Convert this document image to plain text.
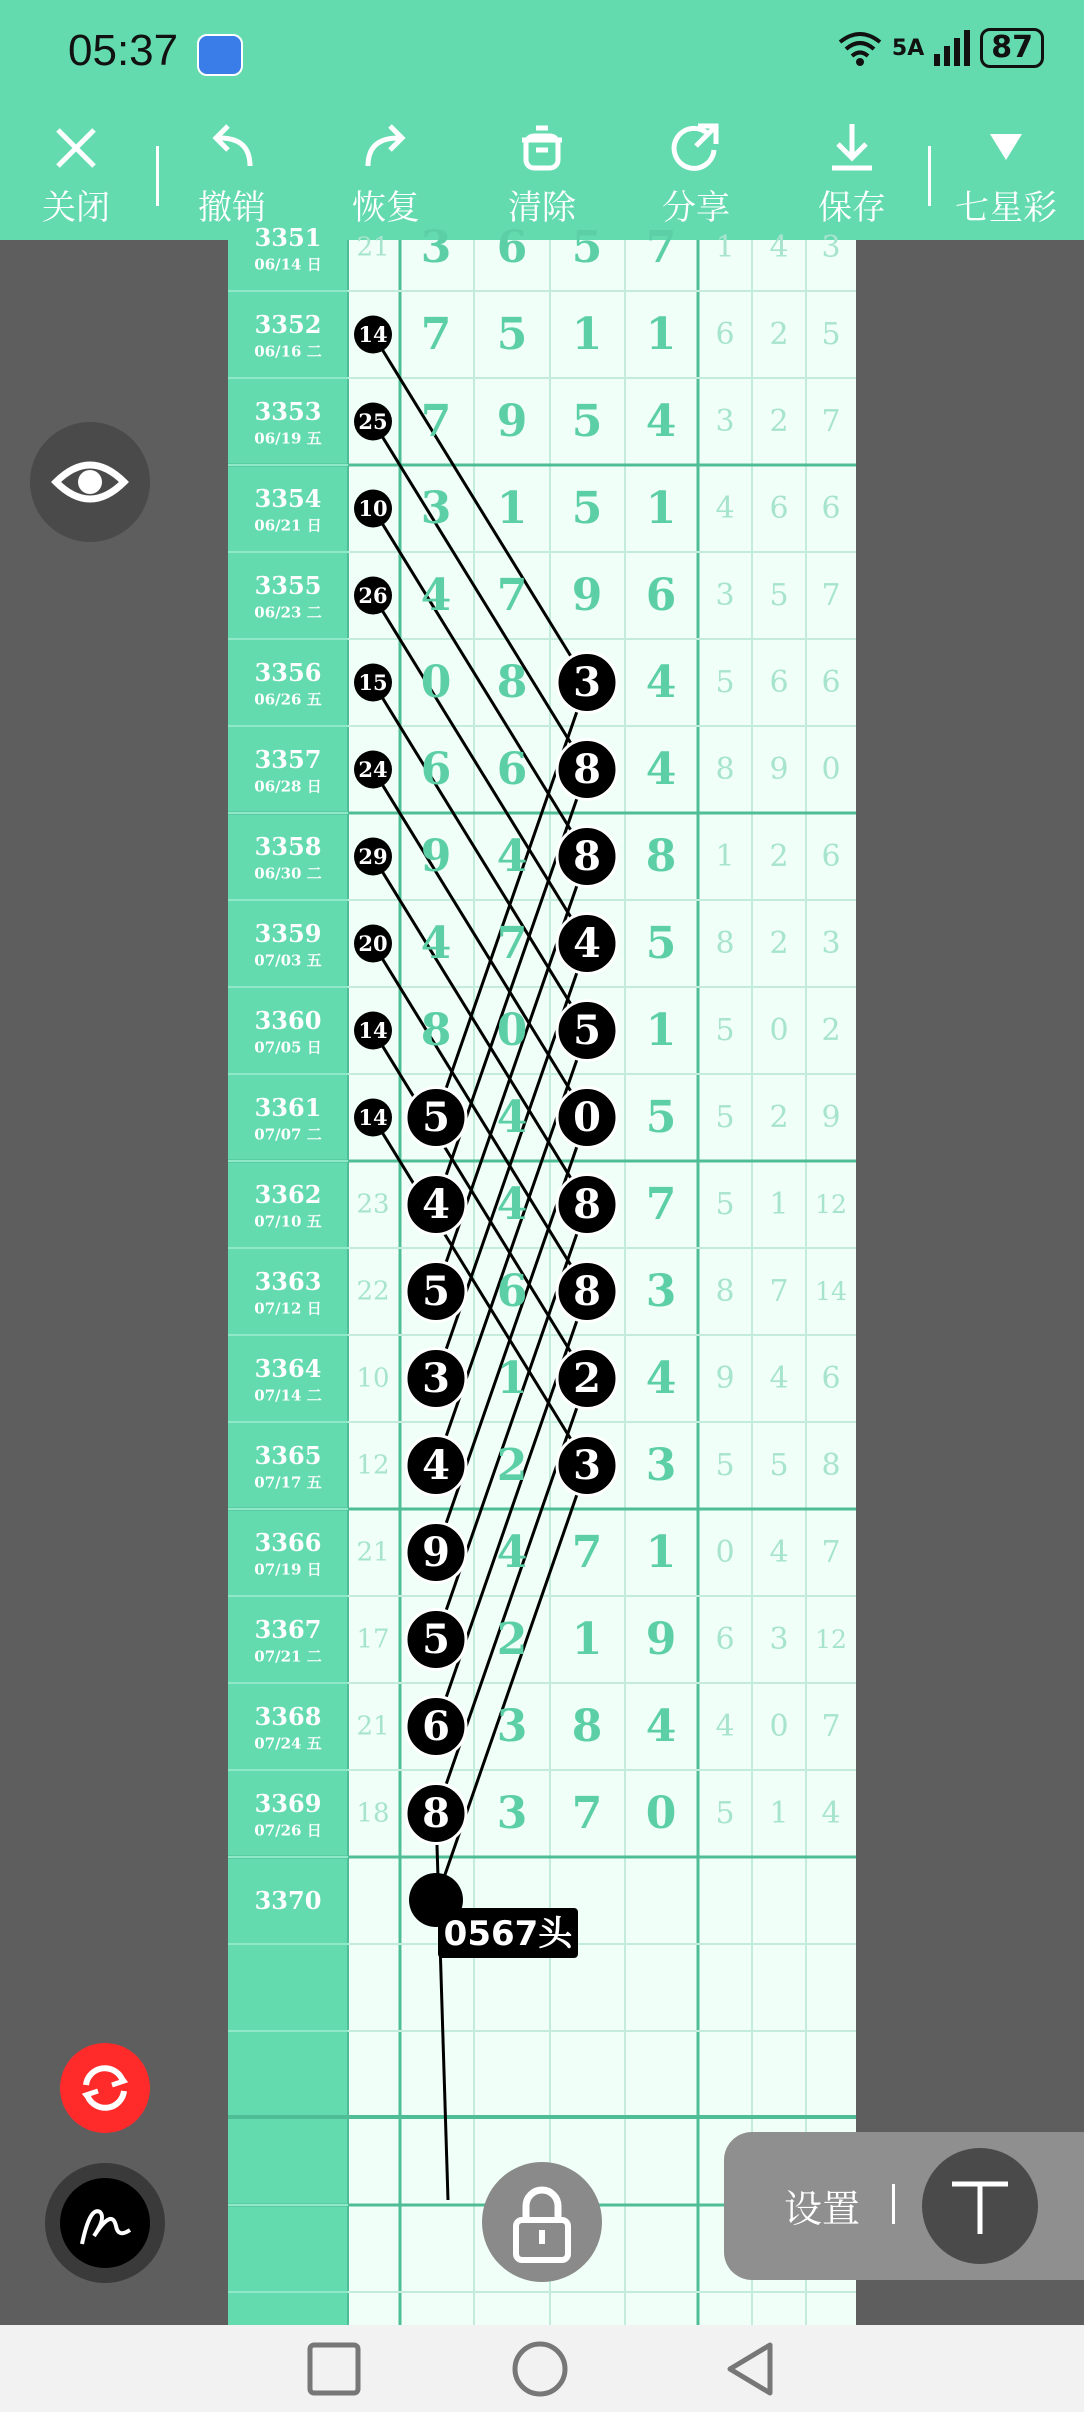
05:37	5A	87
关闭	撤销	恢复	清除	分享	保存 七星彩
3351
06/14 日
21 3 6 5 7 1 4 3
3352
06/16 二
14 7 5 1 1 6 2 5
3353
06/19 五
25 7 9 5 4 3 2 7
3354
06/21 日
10 3 1 5 1 4 6 6
3355
06/23 二
26 4 7 9 6 3 5 7
3356
06/26 五
15 0 8 3 4 5 6 6
3357
06/28 日
24 6 6 8 4 8 9 0
3358
06/30 二
29 9 4 8 8 1 2 6
3359
07/03 五
20 4 7 4 5 8 2 3
3360
07/05 日
14 8 0 5 1 5 0 2
3361
07/07 二
14 5 4 0 5 5 2 9
3362
07/10 五
23 4 4 8 7 5 1 12
3363
07/12 日
22 5 6 8 3 8 7 14
3364
07/14 二
10 3 1 2 4 9 4 6
3365
07/17 五
12 4 2 3 3 5 5 8
3366
07/19 日
21 9 4 7 1 0 4 7
3367
07/21 二
17 5 2 1 9 6 3 12
3368
07/24 五
21 6 3 8 4 4 0 7
3369
07/26 日
18 8 3 7 0 5 1 4
3370
0567头
设置
